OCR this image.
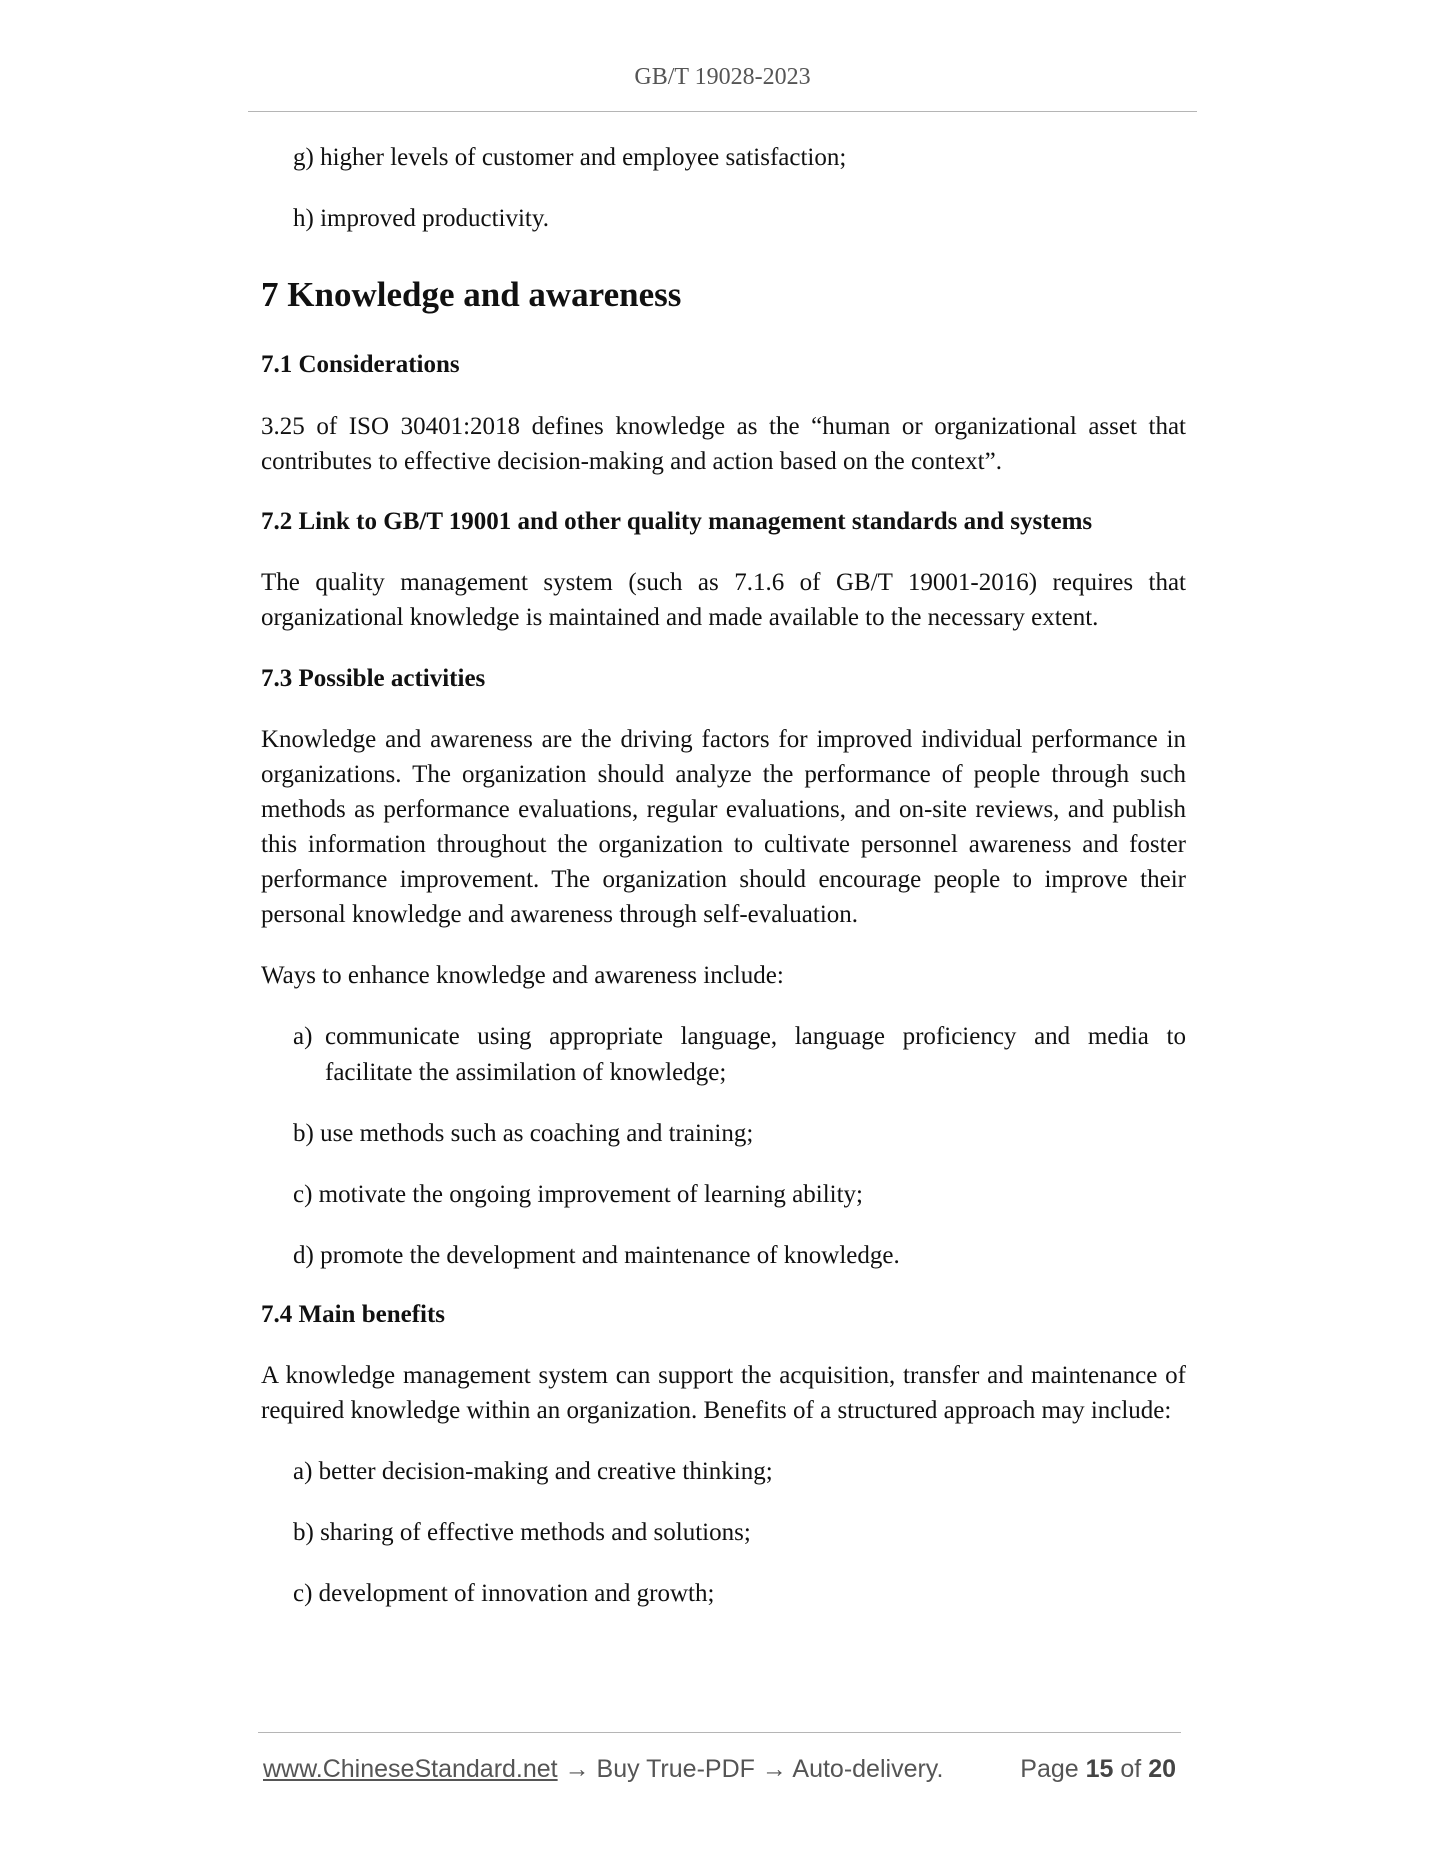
GB/T 19028-2023
g) higher levels of customer and employee satisfaction;
h) improved productivity.
7 Knowledge and awareness
7.1 Considerations
3.25 of ISO 30401:2018 defines knowledge as the “human or organizational asset that contributes to effective decision-making and action based on the context”.
7.2 Link to GB/T 19001 and other quality management standards and systems
The quality management system (such as 7.1.6 of GB/T 19001-2016) requires that organizational knowledge is maintained and made available to the necessary extent.
7.3 Possible activities
Knowledge and awareness are the driving factors for improved individual performance in organizations. The organization should analyze the performance of people through such methods as performance evaluations, regular evaluations, and on-site reviews, and publish this information throughout the organization to cultivate personnel awareness and foster performance improvement. The organization should encourage people to improve their personal knowledge and awareness through self-evaluation.
Ways to enhance knowledge and awareness include:
a) communicate using appropriate language, language proficiency and media to facilitate the assimilation of knowledge;
b) use methods such as coaching and training;
c) motivate the ongoing improvement of learning ability;
d) promote the development and maintenance of knowledge.
7.4 Main benefits
A knowledge management system can support the acquisition, transfer and maintenance of required knowledge within an organization. Benefits of a structured approach may include:
a) better decision-making and creative thinking;
b) sharing of effective methods and solutions;
c) development of innovation and growth;
www.ChineseStandard.net → Buy True-PDF → Auto-delivery.	Page 15 of 20
